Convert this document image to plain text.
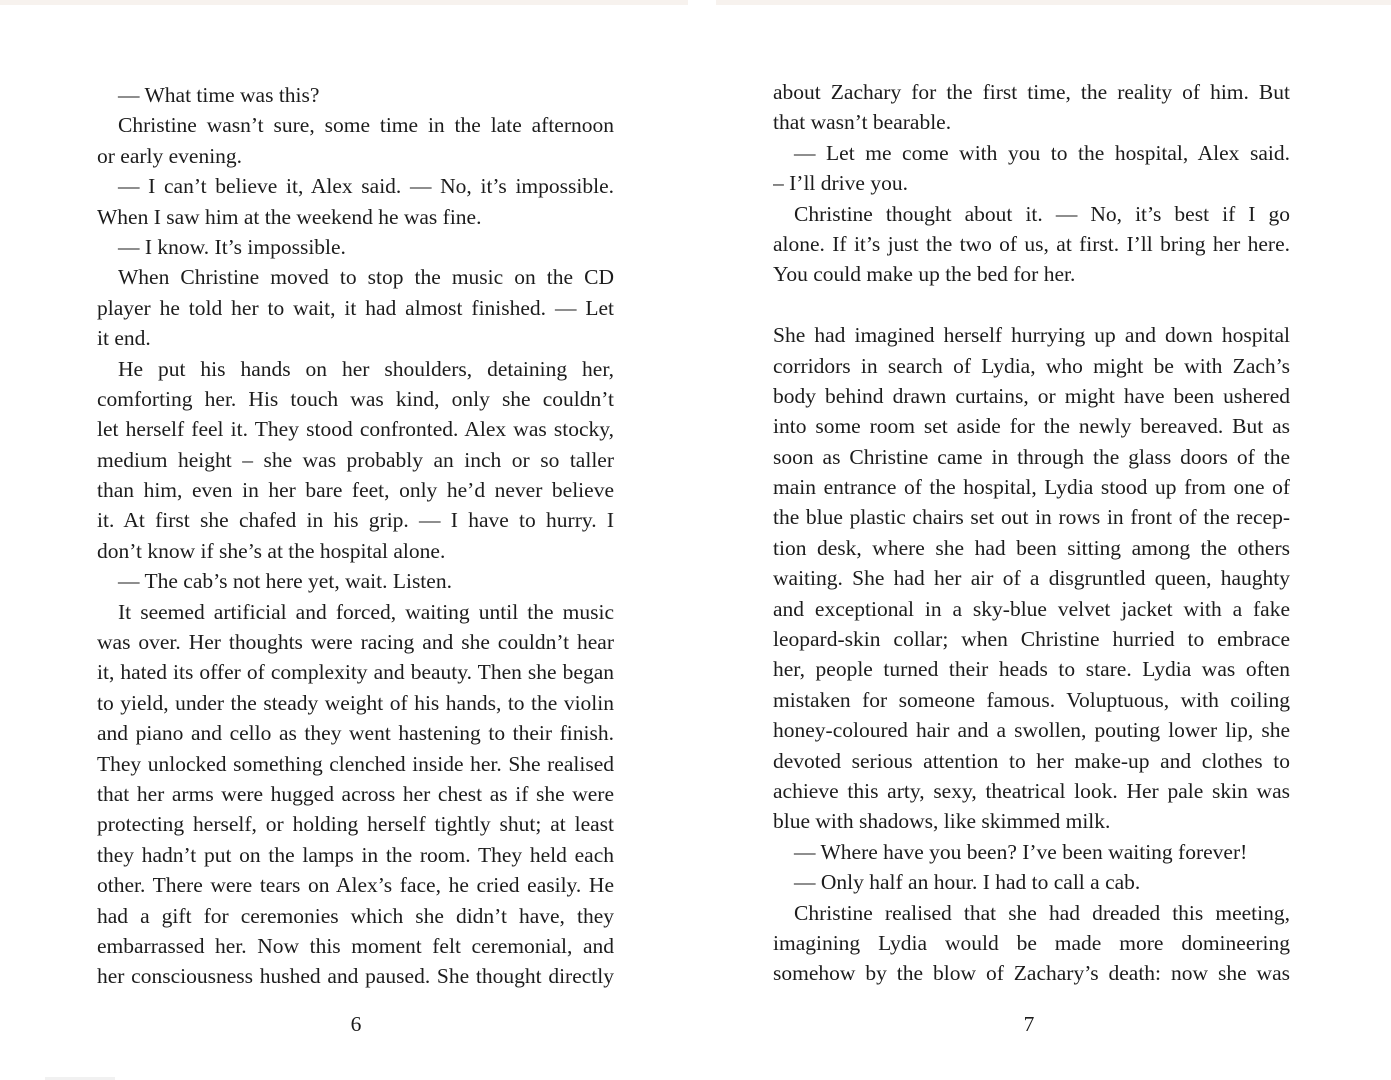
— What time was this?
Christine wasn’t sure, some time in the late afternoon
or early evening.
— I can’t believe it, Alex said. — No, it’s impossible.
When I saw him at the weekend he was fine.
— I know. It’s impossible.
When Christine moved to stop the music on the CD
player he told her to wait, it had almost finished. — Let
it end.
He put his hands on her shoulders, detaining her,
comforting her. His touch was kind, only she couldn’t
let herself feel it. They stood confronted. Alex was stocky,
medium height – she was probably an inch or so taller
than him, even in her bare feet, only he’d never believe
it. At first she chafed in his grip. — I have to hurry. I
don’t know if she’s at the hospital alone.
— The cab’s not here yet, wait. Listen.
It seemed artificial and forced, waiting until the music
was over. Her thoughts were racing and she couldn’t hear
it, hated its offer of complexity and beauty. Then she began
to yield, under the steady weight of his hands, to the violin
and piano and cello as they went hastening to their finish.
They unlocked something clenched inside her. She realised
that her arms were hugged across her chest as if she were
protecting herself, or holding herself tightly shut; at least
they hadn’t put on the lamps in the room. They held each
other. There were tears on Alex’s face, he cried easily. He
had a gift for ceremonies which she didn’t have, they
embarrassed her. Now this moment felt ceremonial, and
her consciousness hushed and paused. She thought directly
6
about Zachary for the first time, the reality of him. But
that wasn’t bearable.
— Let me come with you to the hospital, Alex said.
– I’ll drive you.
Christine thought about it. — No, it’s best if I go
alone. If it’s just the two of us, at first. I’ll bring her here.
You could make up the bed for her.
She had imagined herself hurrying up and down hospital
corridors in search of Lydia, who might be with Zach’s
body behind drawn curtains, or might have been ushered
into some room set aside for the newly bereaved. But as
soon as Christine came in through the glass doors of the
main entrance of the hospital, Lydia stood up from one of
the blue plastic chairs set out in rows in front of the recep-
tion desk, where she had been sitting among the others
waiting. She had her air of a disgruntled queen, haughty
and exceptional in a sky-blue velvet jacket with a fake
leopard-skin collar; when Christine hurried to embrace
her, people turned their heads to stare. Lydia was often
mistaken for someone famous. Voluptuous, with coiling
honey-coloured hair and a swollen, pouting lower lip, she
devoted serious attention to her make-up and clothes to
achieve this arty, sexy, theatrical look. Her pale skin was
blue with shadows, like skimmed milk.
— Where have you been? I’ve been waiting forever!
— Only half an hour. I had to call a cab.
Christine realised that she had dreaded this meeting,
imagining Lydia would be made more domineering
somehow by the blow of Zachary’s death: now she was
7
